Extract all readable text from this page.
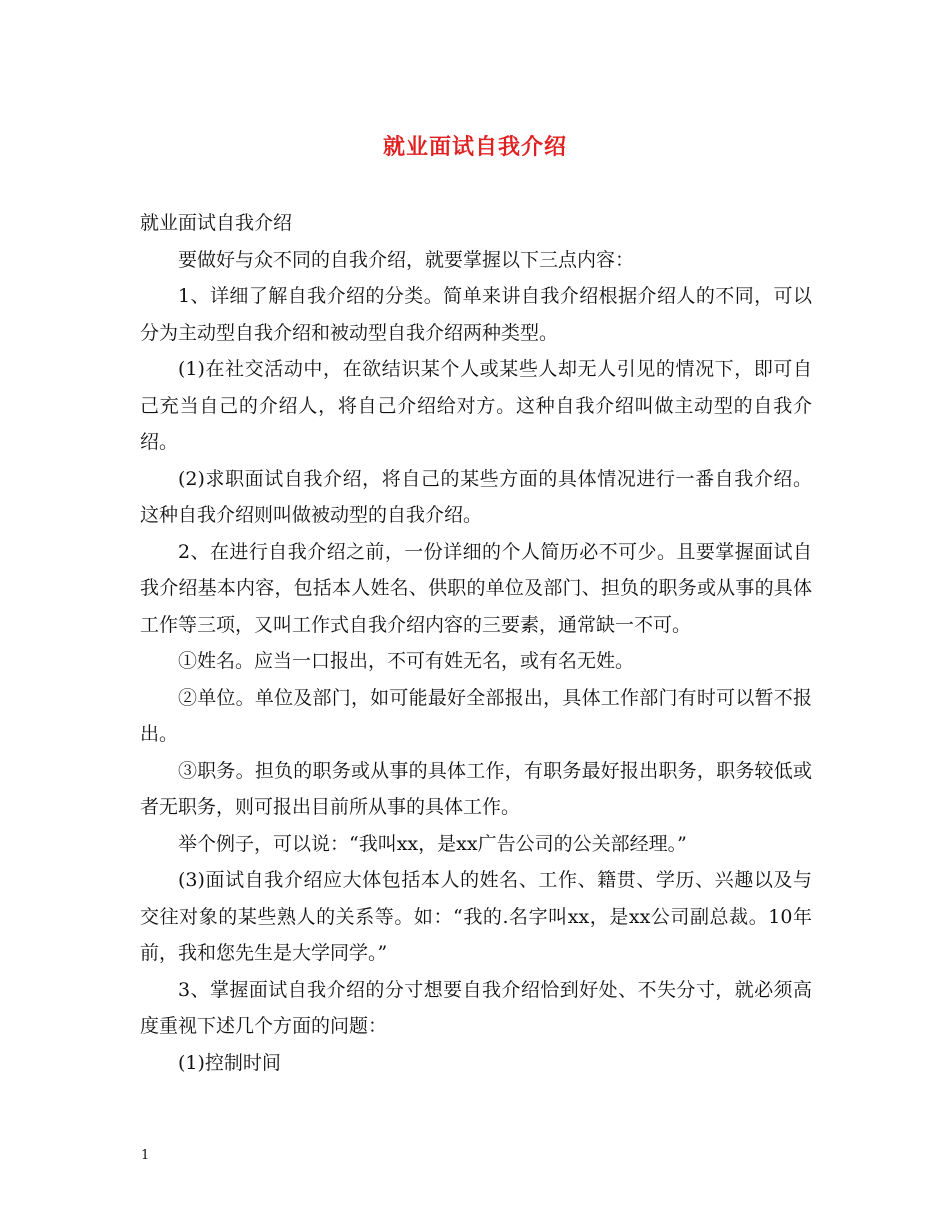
就业面试自我介绍

就业面试自我介绍

要做好与众不同的自我介绍，就要掌握以下三点内容：

1、详细了解自我介绍的分类。简单来讲自我介绍根据介绍人的不同，可以分为主动型自我介绍和被动型自我介绍两种类型。

(1)在社交活动中，在欲结识某个人或某些人却无人引见的情况下，即可自己充当自己的介绍人，将自己介绍给对方。这种自我介绍叫做主动型的自我介绍。

(2)求职面试自我介绍，将自己的某些方面的具体情况进行一番自我介绍。这种自我介绍则叫做被动型的自我介绍。

2、在进行自我介绍之前，一份详细的个人简历必不可少。且要掌握面试自我介绍基本内容，包括本人姓名、供职的单位及部门、担负的职务或从事的具体工作等三项，又叫工作式自我介绍内容的三要素，通常缺一不可。

①姓名。应当一口报出，不可有姓无名，或有名无姓。

②单位。单位及部门，如可能最好全部报出，具体工作部门有时可以暂不报出。

③职务。担负的职务或从事的具体工作，有职务最好报出职务，职务较低或者无职务，则可报出目前所从事的具体工作。

举个例子，可以说：“我叫xx，是xx广告公司的公关部经理。”

(3)面试自我介绍应大体包括本人的姓名、工作、籍贯、学历、兴趣以及与交往对象的某些熟人的关系等。如：“我的.名字叫xx，是xx公司副总裁。10年前，我和您先生是大学同学。”

3、掌握面试自我介绍的分寸想要自我介绍恰到好处、不失分寸，就必须高度重视下述几个方面的问题：

(1)控制时间

1
